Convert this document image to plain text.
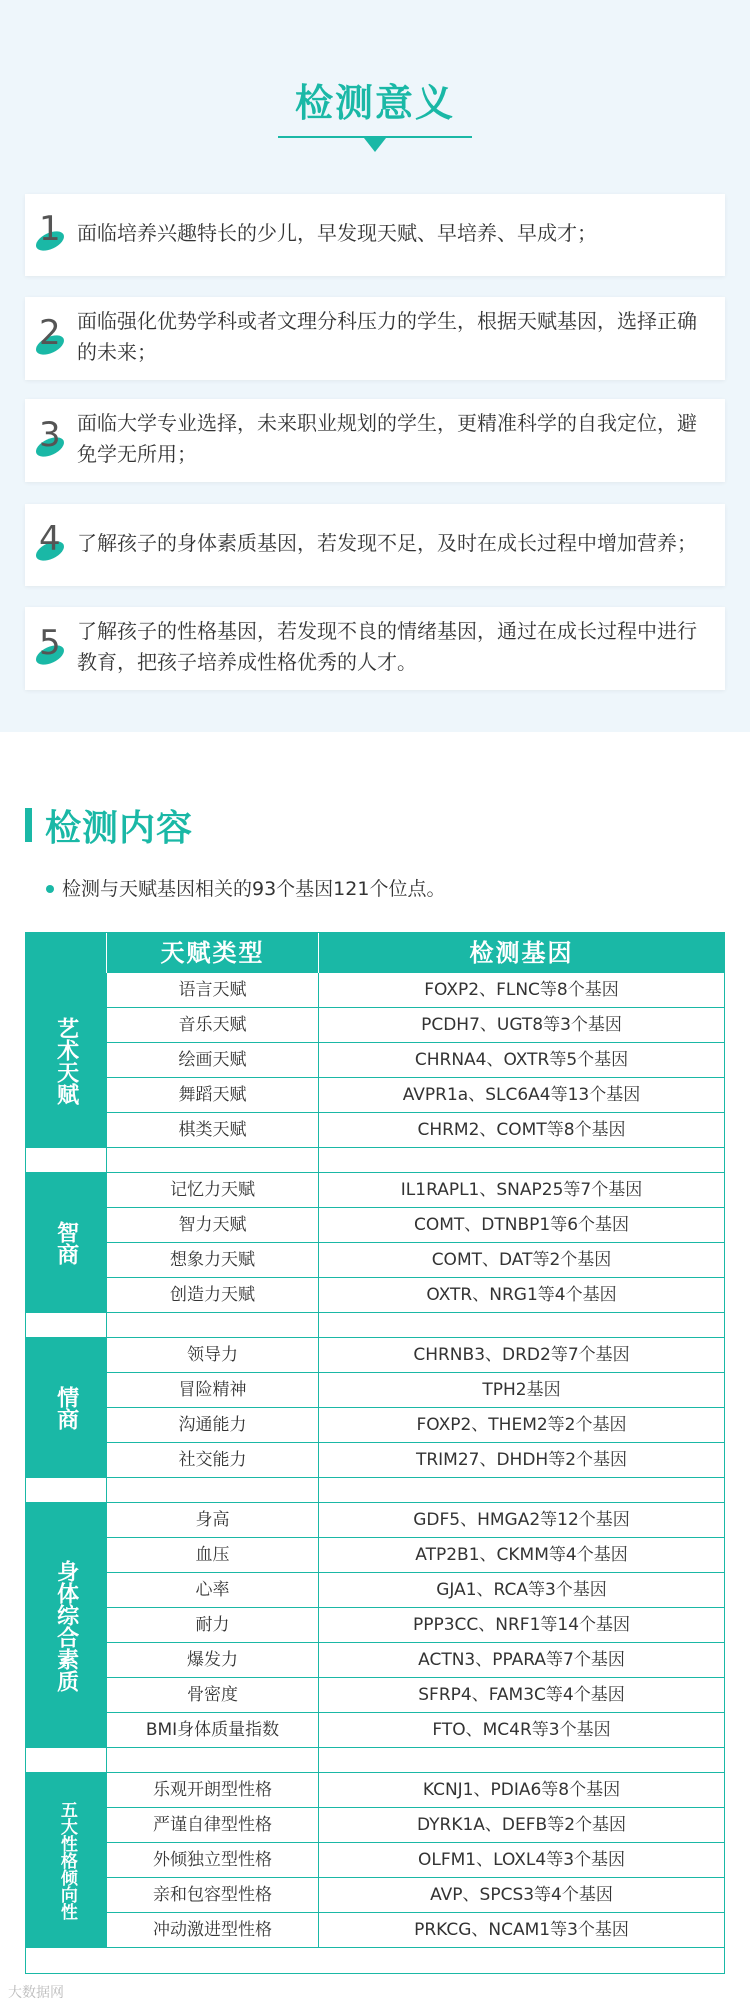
检测意义
1 面临培养兴趣特长的少儿，早发现天赋、早培养、早成才；
2 面临强化优势学科或者文理分科压力的学生，根据天赋基因，选择正确的未来；
3 面临大学专业选择，未来职业规划的学生，更精准科学的自我定位，避免学无所用；
4 了解孩子的身体素质基因，若发现不足，及时在成长过程中增加营养；
5 了解孩子的性格基因，若发现不良的情绪基因，通过在成长过程中进行教育，把孩子培养成性格优秀的人才。
检测内容
检测与天赋基因相关的93个基因121个位点。
天赋类型	检测基因
语言天赋	FOXP2、FLNC等8个基因
音乐天赋	PCDH7、UGT8等3个基因
绘画天赋	CHRNA4、OXTR等5个基因
舞蹈天赋	AVPR1a、SLC6A4等13个基因
棋类天赋	CHRM2、COMT等8个基因
艺术天赋
记忆力天赋	IL1RAPL1、SNAP25等7个基因
智力天赋	COMT、DTNBP1等6个基因
想象力天赋	COMT、DAT等2个基因
创造力天赋	OXTR、NRG1等4个基因
智商
领导力	CHRNB3、DRD2等7个基因
冒险精神	TPH2基因
沟通能力	FOXP2、THEM2等2个基因
社交能力	TRIM27、DHDH等2个基因
情商
身高	GDF5、HMGA2等12个基因
血压	ATP2B1、CKMM等4个基因
心率	GJA1、RCA等3个基因
耐力	PPP3CC、NRF1等14个基因
爆发力	ACTN3、PPARA等7个基因
骨密度	SFRP4、FAM3C等4个基因
BMI身体质量指数	FTO、MC4R等3个基因
身体综合素质
乐观开朗型性格	KCNJ1、PDIA6等8个基因
严谨自律型性格	DYRK1A、DEFB等2个基因
外倾独立型性格	OLFM1、LOXL4等3个基因
亲和包容型性格	AVP、SPCS3等4个基因
冲动激进型性格	PRKCG、NCAM1等3个基因
五大性格倾向性
大数据网
